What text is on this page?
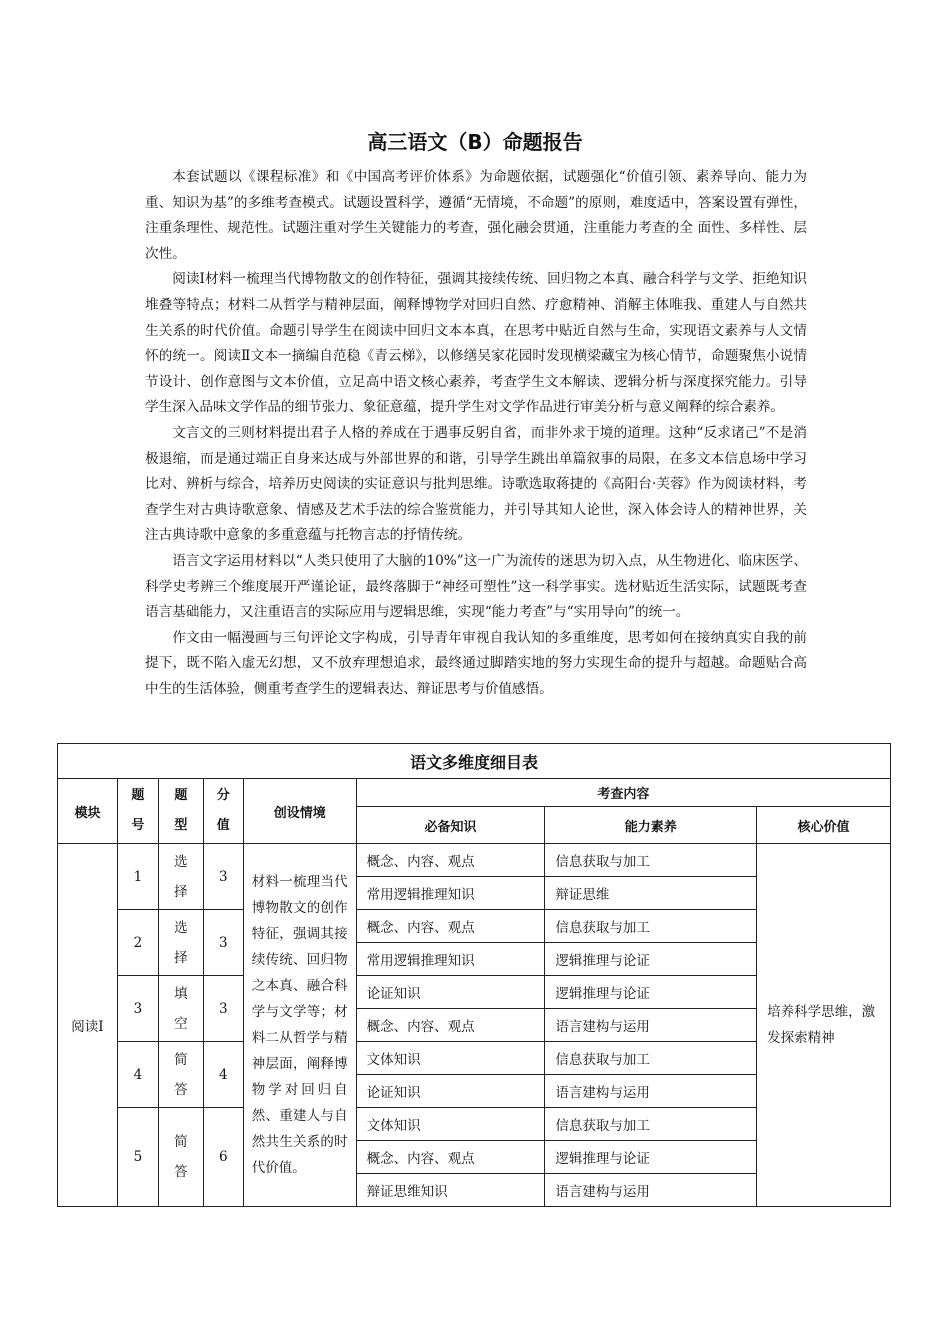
高三语文（B）命题报告

本套试题以《课程标准》和《中国高考评价体系》为命题依据，试题强化“价值引领、素养导向、能力为重、知识为基”的多维考查模式。试题设置科学，遵循“无情境，不命题”的原则，难度适中，答案设置有弹性，注重条理性、规范性。试题注重对学生关键能力的考查，强化融会贯通，注重能力考查的全 面性、多样性、层次性。

阅读Ⅰ材料一梳理当代博物散文的创作特征，强调其接续传统、回归物之本真、融合科学与文学、拒绝知识堆叠等特点；材料二从哲学与精神层面，阐释博物学对回归自然、疗愈精神、消解主体唯我、重建人与自然共生关系的时代价值。命题引导学生在阅读中回归文本本真，在思考中贴近自然与生命，实现语文素养与人文情怀的统一。阅读Ⅱ文本一摘编自范稳《青云梯》，以修缮吴家花园时发现横梁藏宝为核心情节，命题聚焦小说情节设计、创作意图与文本价值，立足高中语文核心素养，考查学生文本解读、逻辑分析与深度探究能力。引导学生深入品味文学作品的细节张力、象征意蕴，提升学生对文学作品进行审美分析与意义阐释的综合素养。

文言文的三则材料提出君子人格的养成在于遇事反躬自省，而非外求于境的道理。这种“反求诸己”不是消极退缩，而是通过端正自身来达成与外部世界的和谐，引导学生跳出单篇叙事的局限，在多文本信息场中学习比对、辨析与综合，培养历史阅读的实证意识与批判思维。诗歌选取蒋捷的《高阳台·芙蓉》作为阅读材料，考查学生对古典诗歌意象、情感及艺术手法的综合鉴赏能力，并引导其知人论世，深入体会诗人的精神世界，关注古典诗歌中意象的多重意蕴与托物言志的抒情传统。

语言文字运用材料以“人类只使用了大脑的10%”这一广为流传的迷思为切入点，从生物进化、临床医学、科学史考辨三个维度展开严谨论证，最终落脚于“神经可塑性”这一科学事实。选材贴近生活实际，试题既考查语言基础能力，又注重语言的实际应用与逻辑思维，实现“能力考查”与“实用导向”的统一。

作文由一幅漫画与三句评论文字构成，引导青年审视自我认知的多重维度，思考如何在接纳真实自我的前提下，既不陷入虚无幻想，又不放弃理想追求，最终通过脚踏实地的努力实现生命的提升与超越。命题贴合高中生的生活体验，侧重考查学生的逻辑表达、辩证思考与价值感悟。

语文多维度细目表							
模块	题号	题型	分值	创设情境	考查内容		
					必备知识	能力素养	核心价值
阅读Ⅰ	1	选择	3	材料一梳理当代博物散文的创作特征，强调其接续传统、回归物之本真、融合科学与文学等；材料二从哲学与精神层面，阐释博物学对回归自然、重建人与自然共生关系的时代价值。	概念、内容、观点	信息获取与加工	培养科学思维，激发探索精神
					常用逻辑推理知识	辩证思维	
	2	选择	3		概念、内容、观点	信息获取与加工	
					常用逻辑推理知识	逻辑推理与论证	
	3	填空	3		论证知识	逻辑推理与论证	
					概念、内容、观点	语言建构与运用	
	4	简答	4		文体知识	信息获取与加工	
					论证知识	语言建构与运用	
	5	简答	6		文体知识	信息获取与加工	
					概念、内容、观点	逻辑推理与论证	
					辩证思维知识	语言建构与运用	
